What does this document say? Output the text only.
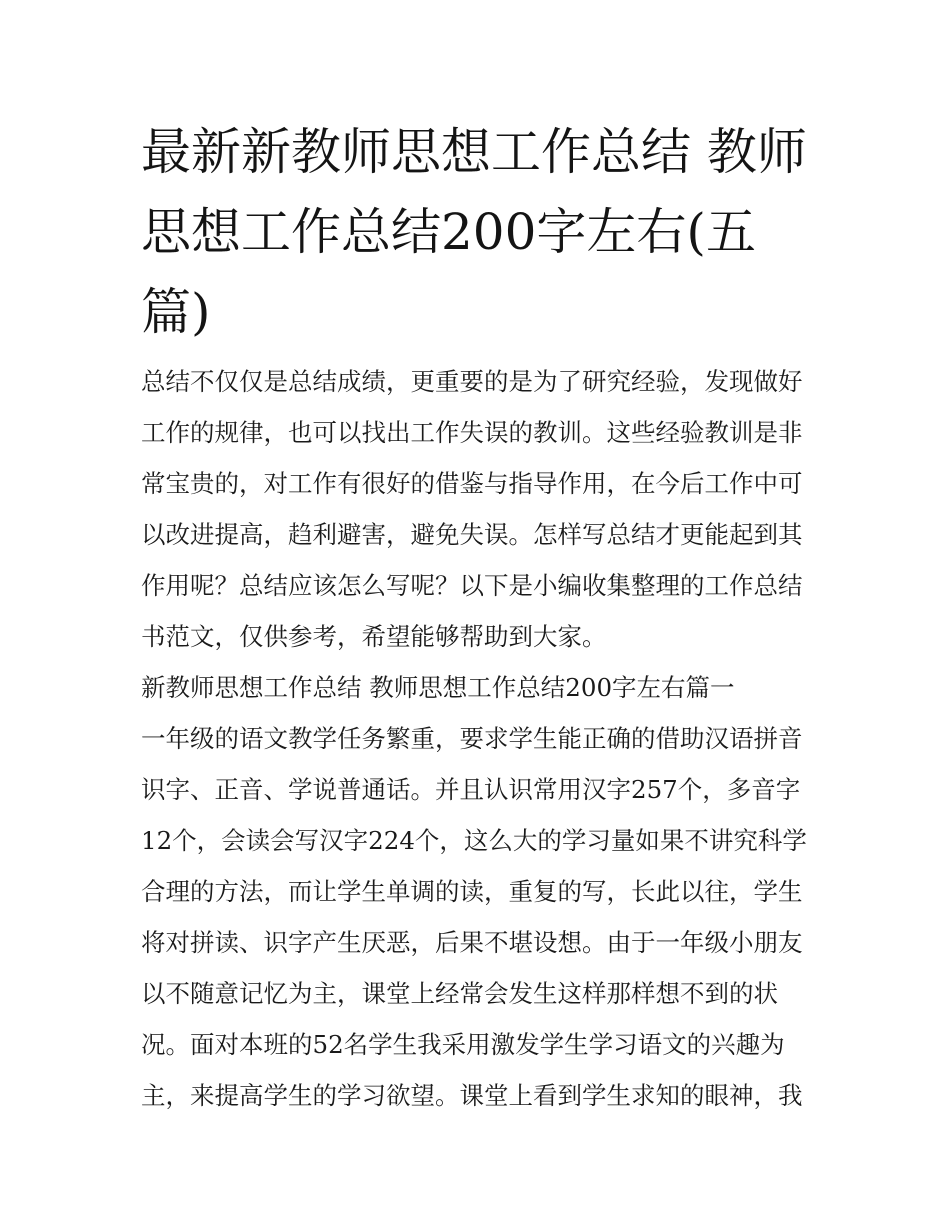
最新新教师思想工作总结 教师
思想工作总结200字左右(五
篇)
总结不仅仅是总结成绩，更重要的是为了研究经验，发现做好
工作的规律，也可以找出工作失误的教训。这些经验教训是非
常宝贵的，对工作有很好的借鉴与指导作用，在今后工作中可
以改进提高，趋利避害，避免失误。怎样写总结才更能起到其
作用呢？总结应该怎么写呢？以下是小编收集整理的工作总结
书范文，仅供参考，希望能够帮助到大家。
新教师思想工作总结 教师思想工作总结200字左右篇一
一年级的语文教学任务繁重，要求学生能正确的借助汉语拼音
识字、正音、学说普通话。并且认识常用汉字257个，多音字
12个，会读会写汉字224个，这么大的学习量如果不讲究科学
合理的方法，而让学生单调的读，重复的写，长此以往，学生
将对拼读、识字产生厌恶，后果不堪设想。由于一年级小朋友
以不随意记忆为主，课堂上经常会发生这样那样想不到的状
况。面对本班的52名学生我采用激发学生学习语文的兴趣为
主，来提高学生的学习欲望。课堂上看到学生求知的眼神，我
